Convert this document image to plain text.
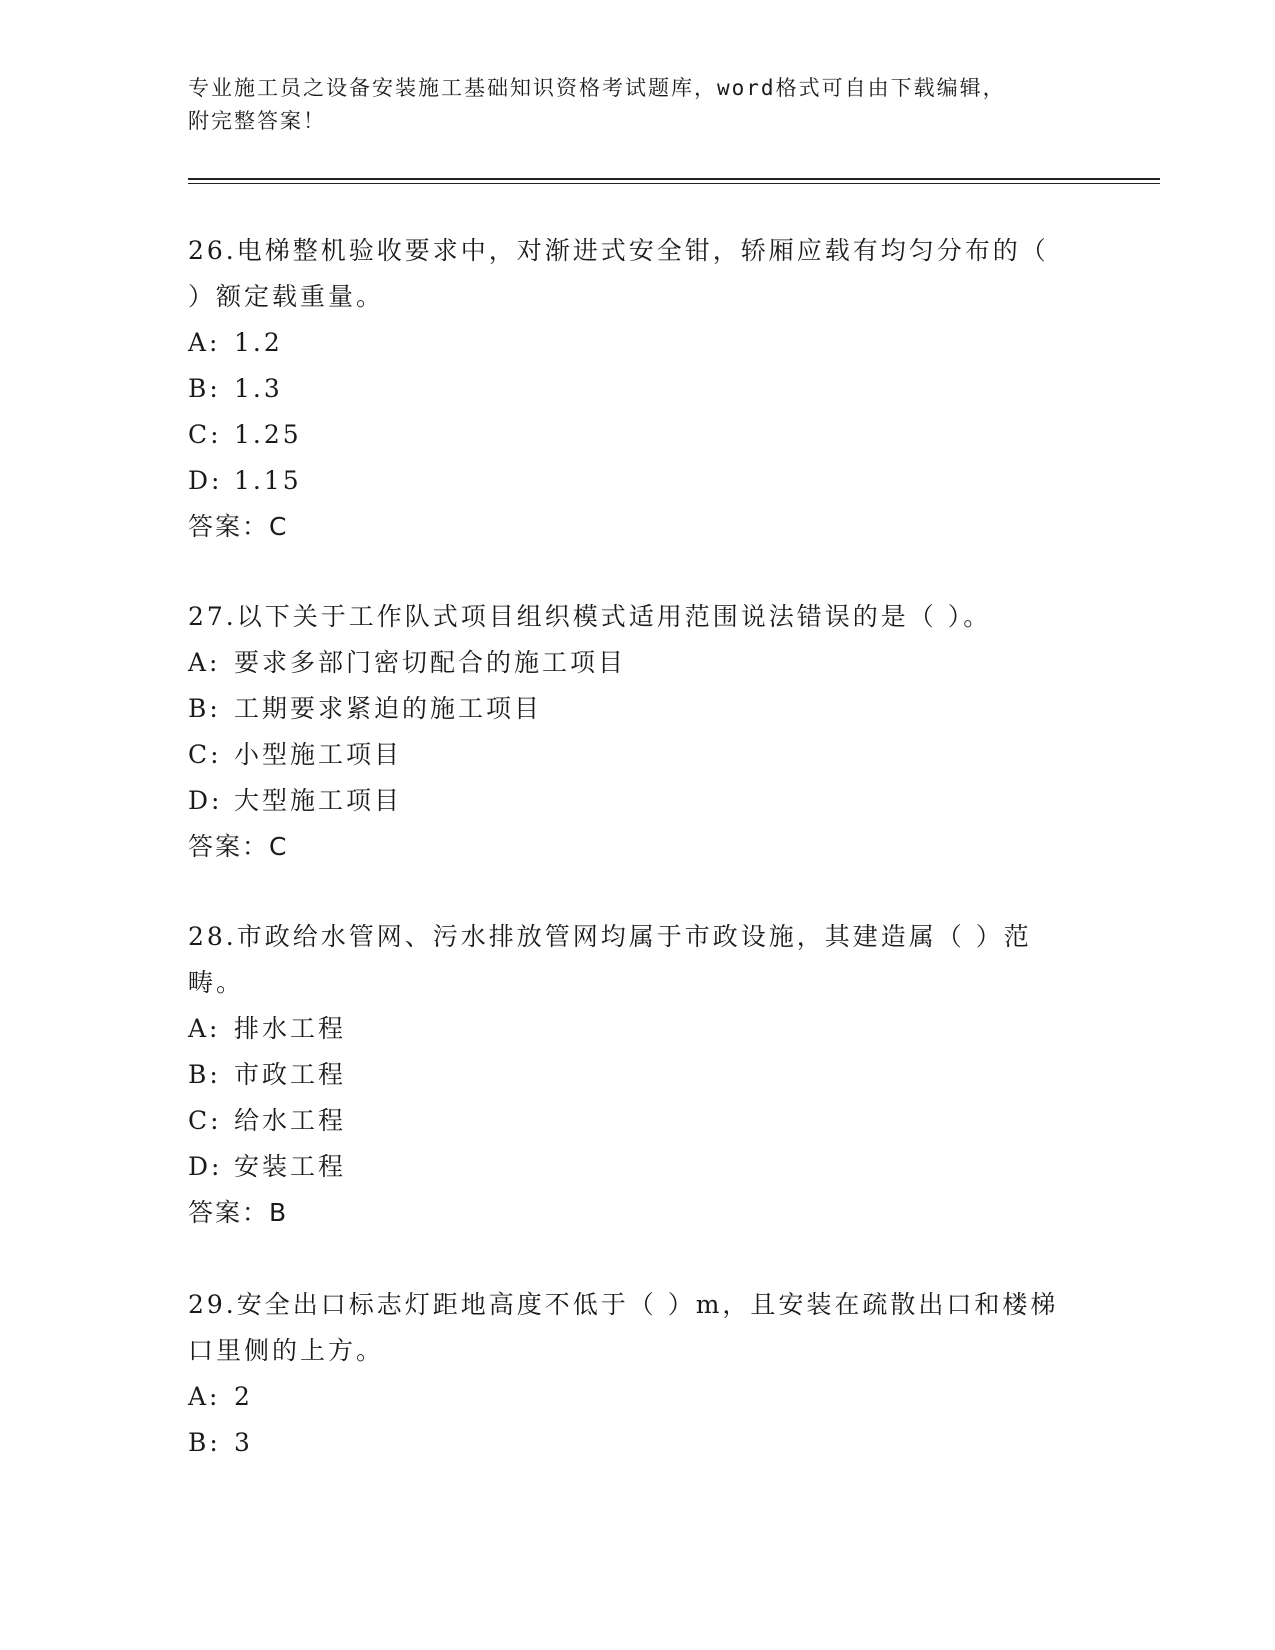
专业施工员之设备安装施工基础知识资格考试题库，word格式可自由下载编辑，
附完整答案！
26.电梯整机验收要求中，对渐进式安全钳，轿厢应载有均匀分布的（
）额定载重量。
A: 1.2
B: 1.3
C: 1.25
D: 1.15
答案：C
27.以下关于工作队式项目组织模式适用范围说法错误的是（ ）。
A: 要求多部门密切配合的施工项目
B: 工期要求紧迫的施工项目
C: 小型施工项目
D: 大型施工项目
答案：C
28.市政给水管网、污水排放管网均属于市政设施，其建造属（ ）范
畴。
A: 排水工程
B: 市政工程
C: 给水工程
D: 安装工程
答案：B
29.安全出口标志灯距地高度不低于（ ）m，且安装在疏散出口和楼梯
口里侧的上方。
A: 2
B: 3
